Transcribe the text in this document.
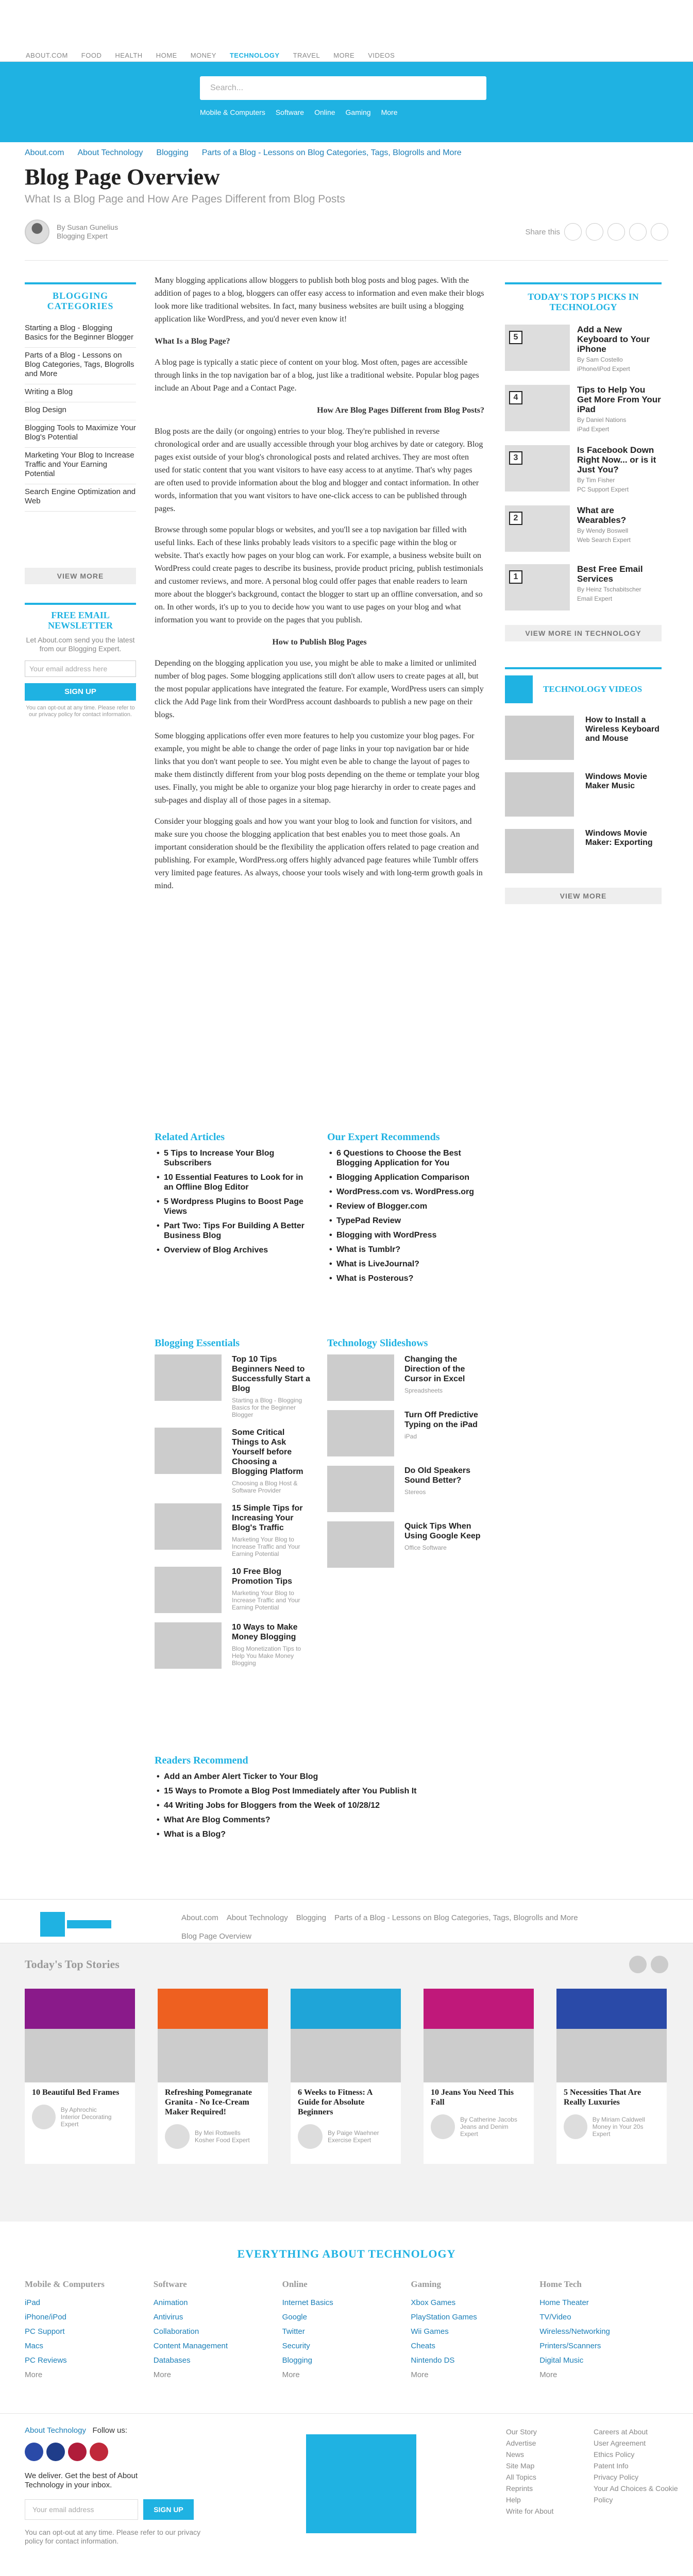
ABOUT.COM	FOOD	HEALTH	HOME	MONEY	TECHNOLOGY	TRAVEL	MORE	VIDEOS
Search...
Mobile & Computers	Software	Online	Gaming	More
About.com About Technology Blogging Parts of a Blog - Lessons on Blog Categories, Tags, Blogrolls and More
Blog Page Overview
What Is a Blog Page and How Are Pages Different from Blog Posts
By Susan Gunelius
Blogging Expert	Share this
BLOGGING CATEGORIES
Starting a Blog - Blogging Basics for the Beginner Blogger
Parts of a Blog - Lessons on Blog Categories, Tags, Blogrolls and More
Writing a Blog
Blog Design
Blogging Tools to Maximize Your Blog's Potential
Marketing Your Blog to Increase Traffic and Your Earning Potential
Search Engine Optimization and Web
VIEW MORE
FREE EMAIL NEWSLETTER
Let About.com send you the latest from our Blogging Expert.
Your email address here
SIGN UP
You can opt-out at any time. Please refer to our privacy policy for contact information.

Many blogging applications allow bloggers to publish both blog posts and blog pages. With the addition of pages to a blog, bloggers can offer easy access to information and even make their blogs look more like traditional websites. In fact, many business websites are built using a blogging application like WordPress, and you'd never even know it!

What Is a Blog Page?

A blog page is typically a static piece of content on your blog. Most often, pages are accessible through links in the top navigation bar of a blog, just like a traditional website. Popular blog pages include an About Page and a Contact Page.

How Are Blog Pages Different from Blog Posts?

Blog posts are the daily (or ongoing) entries to your blog. They're published in reverse chronological order and are usually accessible through your blog archives by date or category. Blog pages exist outside of your blog's chronological posts and related archives. They are most often used for static content that you want visitors to have easy access to at anytime. That's why pages are often used to provide information about the blog and blogger and contact information. In other words, information that you want visitors to have one-click access to can be published through pages.

Browse through some popular blogs or websites, and you'll see a top navigation bar filled with useful links. Each of these links probably leads visitors to a specific page within the blog or website. That's exactly how pages on your blog can work. For example, a business website built on WordPress could create pages to describe its business, provide product pricing, publish testimonials and customer reviews, and more. A personal blog could offer pages that enable readers to learn more about the blogger's background, contact the blogger to start up an offline conversation, and so on. In other words, it's up to you to decide how you want to use pages on your blog and what information you want to provide on the pages that you publish.

How to Publish Blog Pages

Depending on the blogging application you use, you might be able to make a limited or unlimited number of blog pages. Some blogging applications still don't allow users to create pages at all, but the most popular applications have integrated the feature. For example, WordPress users can simply click the Add Page link from their WordPress account dashboards to publish a new page on their blogs.

Some blogging applications offer even more features to help you customize your blog pages. For example, you might be able to change the order of page links in your top navigation bar or hide links that you don't want people to see. You might even be able to change the layout of pages to make them distinctly different from your blog posts depending on the theme or template your blog uses. Finally, you might be able to organize your blog page hierarchy in order to create pages and sub-pages and display all of those pages in a sitemap.

Consider your blogging goals and how you want your blog to look and function for visitors, and make sure you choose the blogging application that best enables you to meet those goals. An important consideration should be the flexibility the application offers related to page creation and publishing. For example, WordPress.org offers highly advanced page features while Tumblr offers very limited page features. As always, choose your tools wisely and with long-term growth goals in mind.

TODAY'S TOP 5 PICKS IN TECHNOLOGY
5
Add a New Keyboard to Your iPhone
By Sam Costello
iPhone/iPod Expert
4
Tips to Help You Get More From Your iPad
By Daniel Nations
iPad Expert
3
Is Facebook Down Right Now... or is it Just You?
By Tim Fisher
PC Support Expert
2
What are Wearables?
By Wendy Boswell
Web Search Expert
1
Best Free Email Services
By Heinz Tschabitscher
Email Expert
VIEW MORE IN TECHNOLOGY
TECHNOLOGY VIDEOS
How to Install a Wireless Keyboard and Mouse
Windows Movie Maker Music
Windows Movie Maker: Exporting
VIEW MORE
Related Articles
• 5 Tips to Increase Your Blog Subscribers
• 10 Essential Features to Look for in an Offline Blog Editor
• 5 Wordpress Plugins to Boost Page Views
• Part Two: Tips For Building A Better Business Blog
• Overview of Blog Archives
Our Expert Recommends
• 6 Questions to Choose the Best Blogging Application for You
• Blogging Application Comparison
• WordPress.com vs. WordPress.org
• Review of Blogger.com
• TypePad Review
• Blogging with WordPress
• What is Tumblr?
• What is LiveJournal?
• What is Posterous?
Blogging Essentials
Top 10 Tips Beginners Need to Successfully Start a Blog
Starting a Blog - Blogging Basics for the Beginner Blogger
Some Critical Things to Ask Yourself before Choosing a Blogging Platform
Choosing a Blog Host & Software Provider
15 Simple Tips for Increasing Your Blog's Traffic
Marketing Your Blog to Increase Traffic and Your Earning Potential
10 Free Blog Promotion Tips
Marketing Your Blog to Increase Traffic and Your Earning Potential
10 Ways to Make Money Blogging
Blog Monetization Tips to Help You Make Money Blogging
Technology Slideshows
Changing the Direction of the Cursor in Excel
Spreadsheets
Turn Off Predictive Typing on the iPad
iPad
Do Old Speakers Sound Better?
Stereos
Quick Tips When Using Google Keep
Office Software
Readers Recommend
• Add an Amber Alert Ticker to Your Blog
• 15 Ways to Promote a Blog Post Immediately after You Publish It
• 44 Writing Jobs for Bloggers from the Week of 10/28/12
• What Are Blog Comments?
• What is a Blog?
About.com About Technology Blogging Parts of a Blog - Lessons on Blog Categories, Tags, Blogrolls and More
Blog Page Overview
Today's Top Stories
10 Beautiful Bed Frames
By Aphrochic
Interior Decorating Expert
Refreshing Pomegranate Granita - No Ice-Cream Maker Required!
By Mei Rottwells
Kosher Food Expert
6 Weeks to Fitness: A Guide for Absolute Beginners
By Paige Waehner
Exercise Expert
10 Jeans You Need This Fall
By Catherine Jacobs
Jeans and Denim Expert
5 Necessities That Are Really Luxuries
By Miriam Caldwell
Money in Your 20s Expert
EVERYTHING ABOUT TECHNOLOGY
Mobile & Computers
iPad
iPhone/iPod
PC Support
Macs
PC Reviews
More
Software
Animation
Antivirus
Collaboration
Content Management
Databases
More
Online
Internet Basics
Google
Twitter
Security
Blogging
More
Gaming
Xbox Games
PlayStation Games
Wii Games
Cheats
Nintendo DS
More
Home Tech
Home Theater
TV/Video
Wireless/Networking
Printers/Scanners
Digital Music
More
About Technology Follow us:
We deliver. Get the best of About Technology in your inbox.
Your email address	SIGN UP
You can opt-out at any time. Please refer to our privacy policy for contact information.
Our Story
Advertise
News
Site Map
All Topics
Reprints
Help
Write for About
Careers at About
User Agreement
Ethics Policy
Patent Info
Privacy Policy
Your Ad Choices & Cookie Policy
